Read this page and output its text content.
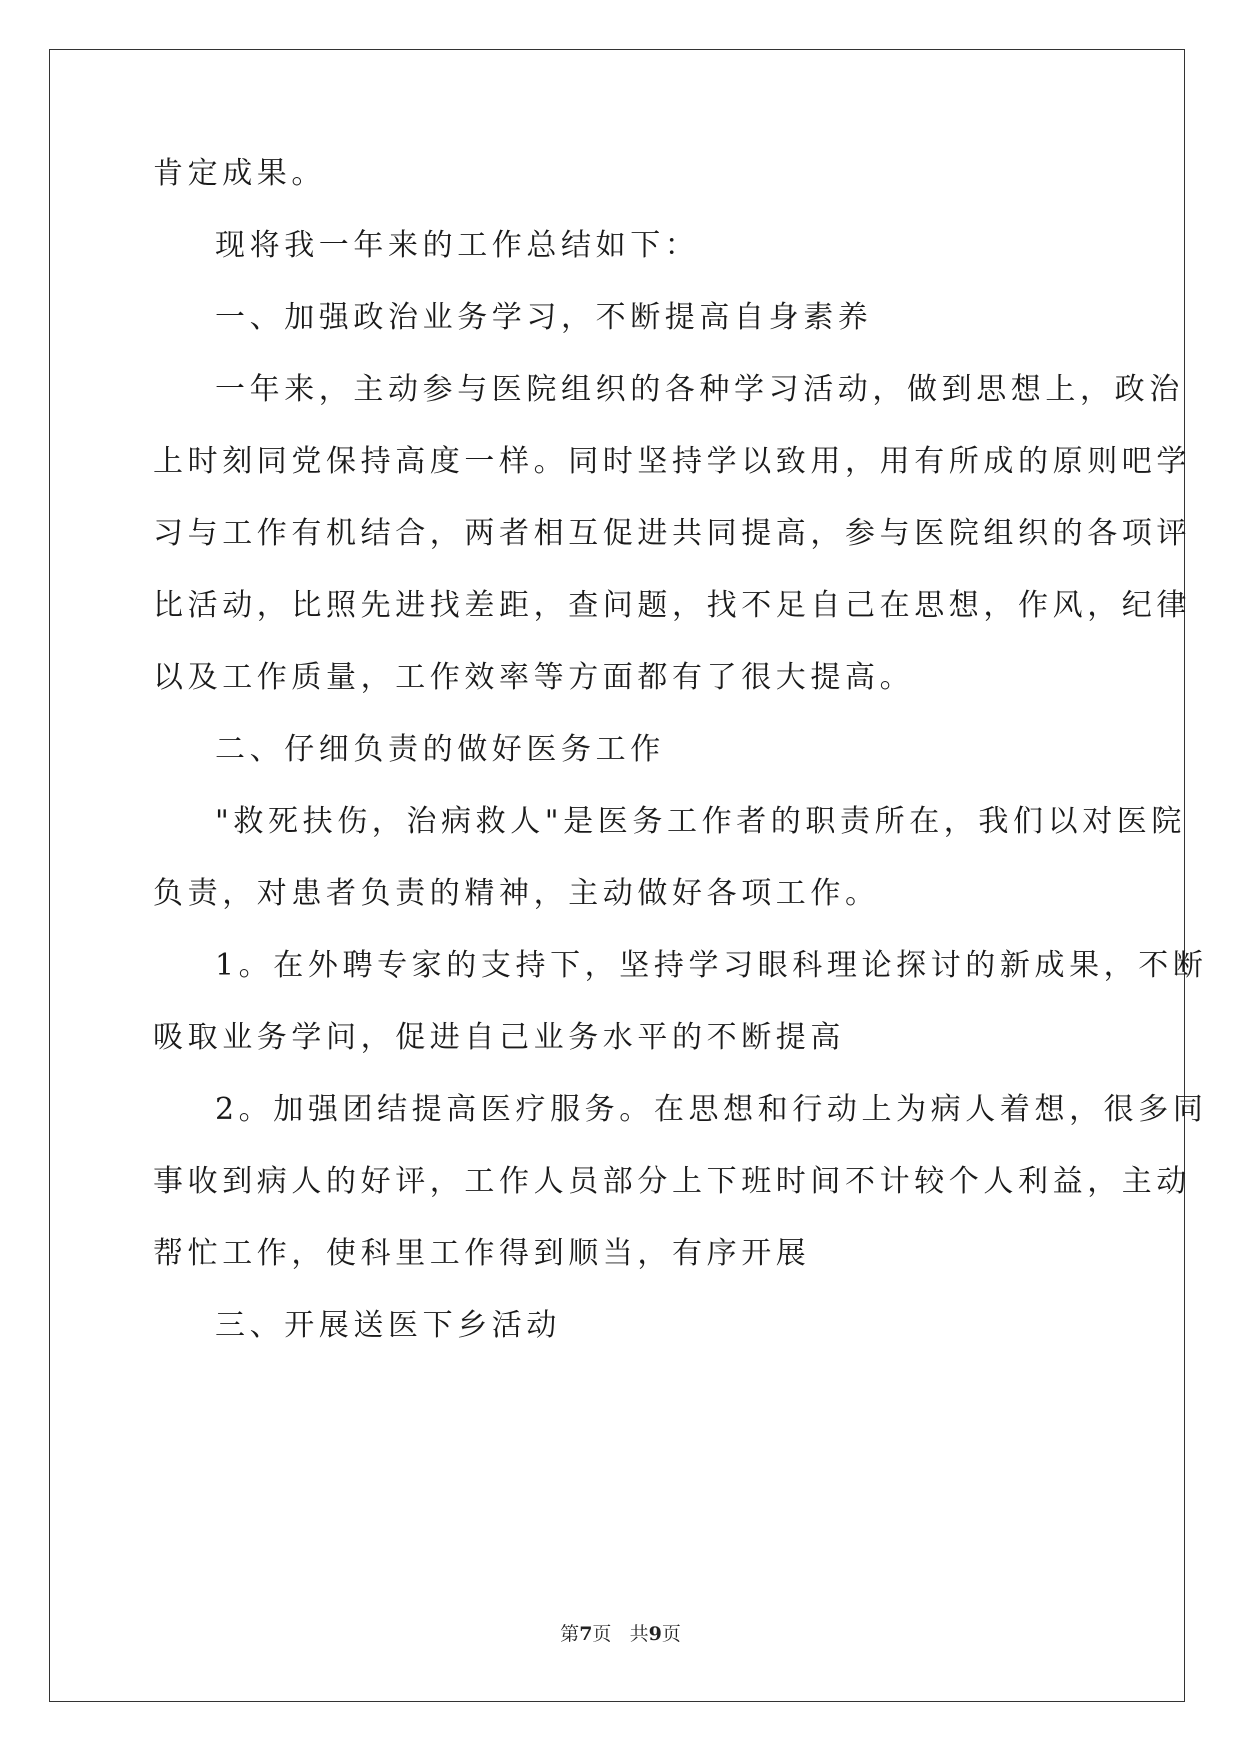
肯定成果。
现将我一年来的工作总结如下：
一、加强政治业务学习，不断提高自身素养
一年来，主动参与医院组织的各种学习活动，做到思想上，政治
上时刻同党保持高度一样。同时坚持学以致用，用有所成的原则吧学
习与工作有机结合，两者相互促进共同提高，参与医院组织的各项评
比活动，比照先进找差距，查问题，找不足自己在思想，作风，纪律
以及工作质量，工作效率等方面都有了很大提高。
二、仔细负责的做好医务工作
"救死扶伤，治病救人"是医务工作者的职责所在，我们以对医院
负责，对患者负责的精神，主动做好各项工作。
1。在外聘专家的支持下，坚持学习眼科理论探讨的新成果，不断
吸取业务学问，促进自己业务水平的不断提高
2。加强团结提高医疗服务。在思想和行动上为病人着想，很多同
事收到病人的好评，工作人员部分上下班时间不计较个人利益，主动
帮忙工作，使科里工作得到顺当，有序开展
三、开展送医下乡活动
第7页 共9页
